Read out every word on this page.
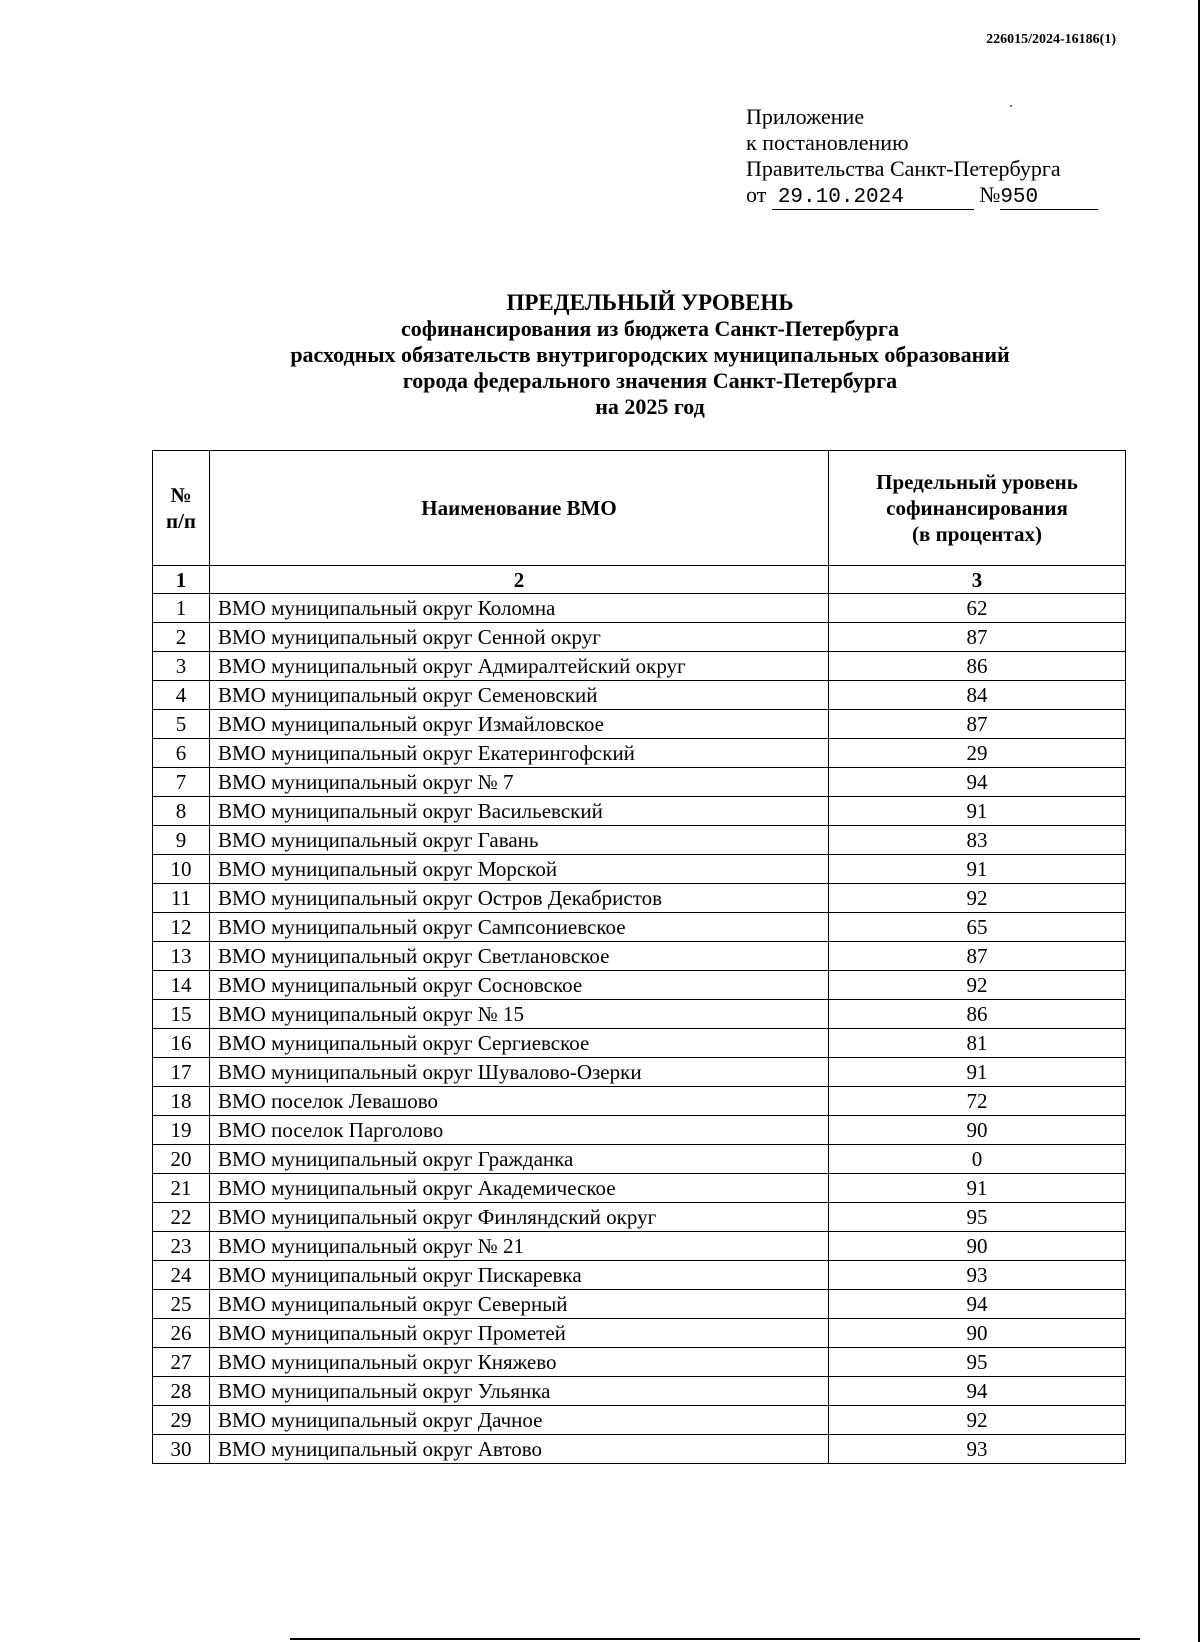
226015/2024-16186(1)
Приложение
к постановлению
Правительства Санкт-Петербурга
от 29.10.2024	№950
ПРЕДЕЛЬНЫЙ УРОВЕНЬ
софинансирования из бюджета Санкт-Петербурга
расходных обязательств внутригородских муниципальных образований
города федерального значения Санкт-Петербурга
на 2025 год
№
п/п	Наименование ВМО	Предельный уровень
софинансирования
(в процентах)
1	2	3
1	ВМО муниципальный округ Коломна	62
2	ВМО муниципальный округ Сенной округ	87
3	ВМО муниципальный округ Адмиралтейский округ	86
4	ВМО муниципальный округ Семеновский	84
5	ВМО муниципальный округ Измайловское	87
6	ВМО муниципальный округ Екатерингофский	29
7	ВМО муниципальный округ № 7	94
8	ВМО муниципальный округ Васильевский	91
9	ВМО муниципальный округ Гавань	83
10	ВМО муниципальный округ Морской	91
11	ВМО муниципальный округ Остров Декабристов	92
12	ВМО муниципальный округ Сампсониевское	65
13	ВМО муниципальный округ Светлановское	87
14	ВМО муниципальный округ Сосновское	92
15	ВМО муниципальный округ № 15	86
16	ВМО муниципальный округ Сергиевское	81
17	ВМО муниципальный округ Шувалово-Озерки	91
18	ВМО поселок Левашово	72
19	ВМО поселок Парголово	90
20	ВМО муниципальный округ Гражданка	0
21	ВМО муниципальный округ Академическое	91
22	ВМО муниципальный округ Финляндский округ	95
23	ВМО муниципальный округ № 21	90
24	ВМО муниципальный округ Пискаревка	93
25	ВМО муниципальный округ Северный	94
26	ВМО муниципальный округ Прометей	90
27	ВМО муниципальный округ Княжево	95
28	ВМО муниципальный округ Ульянка	94
29	ВМО муниципальный округ Дачное	92
30	ВМО муниципальный округ Автово	93
